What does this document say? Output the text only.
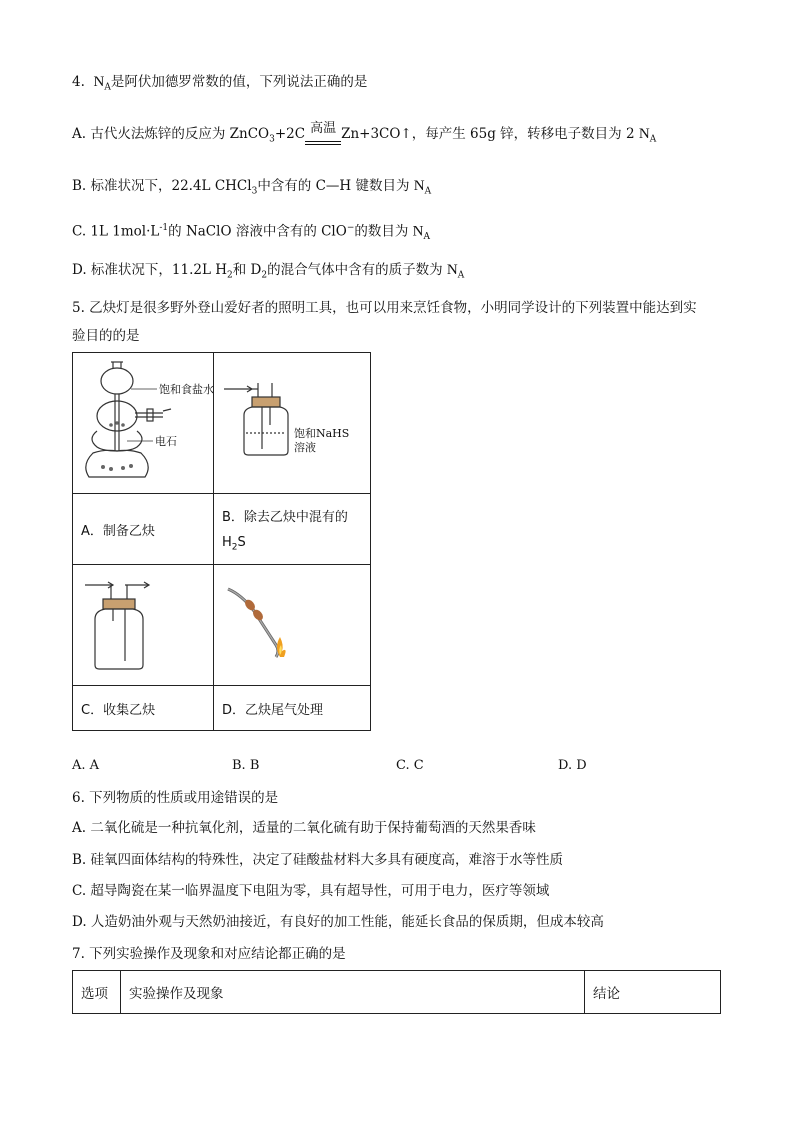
4. $N_A$是阿伏加德罗常数的值，下列说法正确的是
A. 古代火法炼锌的反应为 ZnCO$_3$+2C 高温 Zn+3CO↑，每产生 65g 锌，转移电子数目为 2 $N_A$
B. 标准状况下，22.4L CHCl$_3$中含有的 C—H 键数目为 $N_A$
C. 1L $1mol\cdot L^{-1}$的 NaClO 溶液中含有的 ClO−的数目为 $N_A$
D. 标准状况下，11.2L $H_2$和 $D_2$的混合气体中含有的质子数为 $N_A$
5. 乙炔灯是很多野外登山爱好者的照明工具，也可以用来烹饪食物，小明同学设计的下列装置中能达到实
验目的的是
饱和食盐水
电石	饱和NaHS
溶液

A．制备乙炔	B．除去乙炔中混有的
$H_2S$

C．收集乙炔	D．乙炔尾气处理
A. A	B. B	C. C	D. D
6. 下列物质的性质或用途错误的是
A. 二氧化硫是一种抗氧化剂，适量的二氧化硫有助于保持葡萄酒的天然果香味
B. 硅氧四面体结构的特殊性，决定了硅酸盐材料大多具有硬度高，难溶于水等性质
C. 超导陶瓷在某一临界温度下电阻为零，具有超导性，可用于电力，医疗等领域
D. 人造奶油外观与天然奶油接近，有良好的加工性能，能延长食品的保质期，但成本较高
7. 下列实验操作及现象和对应结论都正确的是
选项	实验操作及现象	结论
